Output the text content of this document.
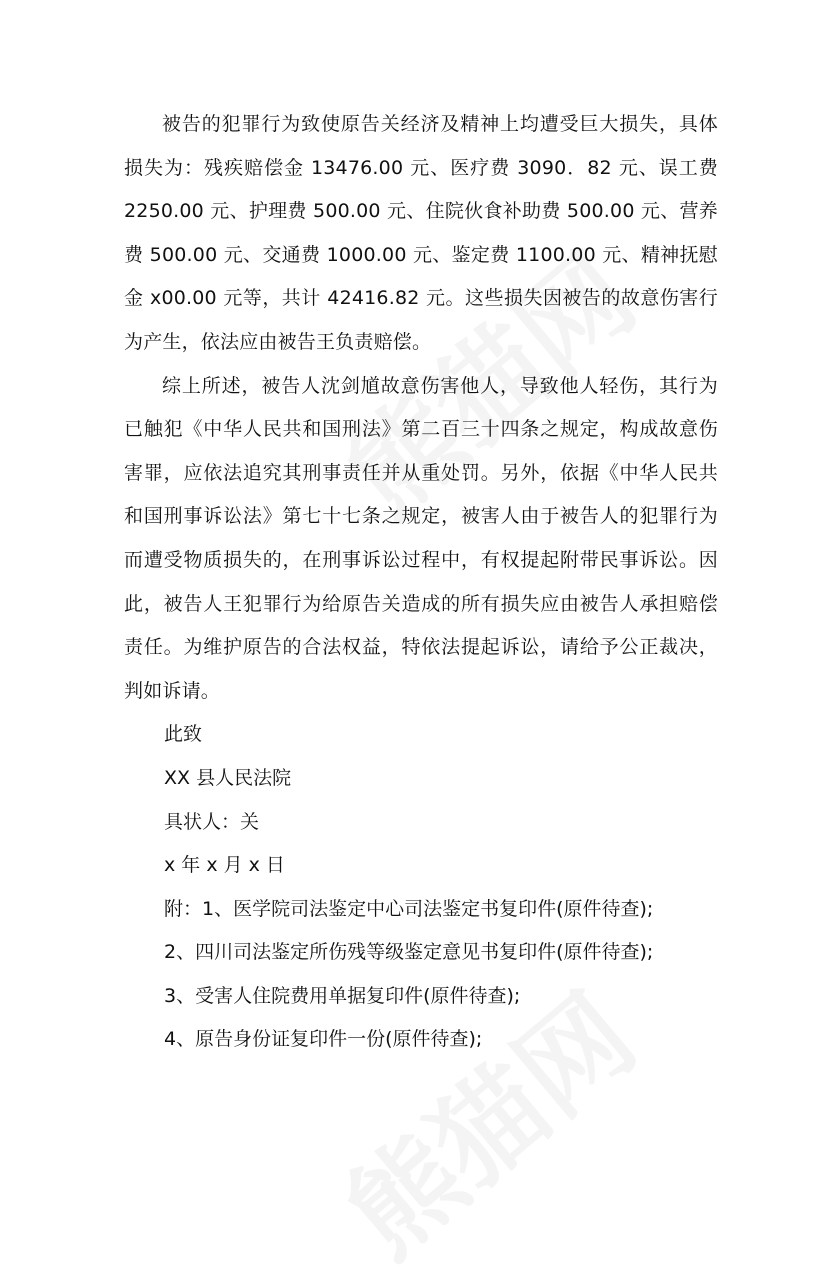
被告的犯罪行为致使原告关经济及精神上均遭受巨大损失，具体损失为：残疾赔偿金 13476.00 元、医疗费 3090．82 元、误工费2250.00 元、护理费 500.00 元、住院伙食补助费 500.00 元、营养费 500.00 元、交通费 1000.00 元、鉴定费 1100.00 元、精神抚慰金 x00.00 元等，共计 42416.82 元。这些损失因被告的故意伤害行为产生，依法应由被告王负责赔偿。

综上所述，被告人沈剑馗故意伤害他人，导致他人轻伤，其行为已触犯《中华人民共和国刑法》第二百三十四条之规定，构成故意伤害罪，应依法追究其刑事责任并从重处罚。另外，依据《中华人民共和国刑事诉讼法》第七十七条之规定，被害人由于被告人的犯罪行为而遭受物质损失的，在刑事诉讼过程中，有权提起附带民事诉讼。因此，被告人王犯罪行为给原告关造成的所有损失应由被告人承担赔偿责任。为维护原告的合法权益，特依法提起诉讼，请给予公正裁决，判如诉请。

此致

XX 县人民法院

具状人：关

x 年 x 月 x 日

附：1、医学院司法鉴定中心司法鉴定书复印件(原件待查);

2、四川司法鉴定所伤残等级鉴定意见书复印件(原件待查);

3、受害人住院费用单据复印件(原件待查);

4、原告身份证复印件一份(原件待查);
